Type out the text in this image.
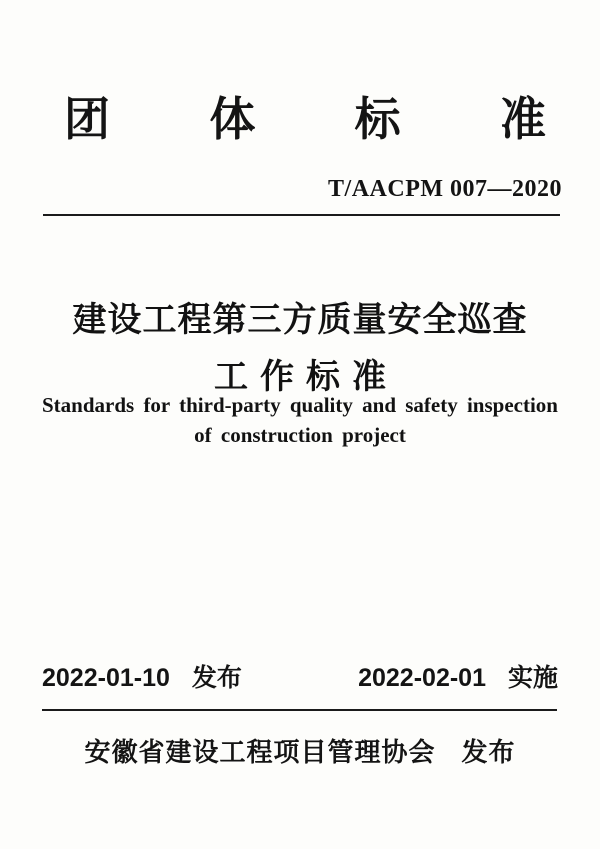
团 体 标 准
T/AACPM 007—2020
建设工程第三方质量安全巡查
工作标准
Standards for third-party quality and safety inspection
of construction project
2022-01-10 发布	2022-02-01 实施
安徽省建设工程项目管理协会 发布
